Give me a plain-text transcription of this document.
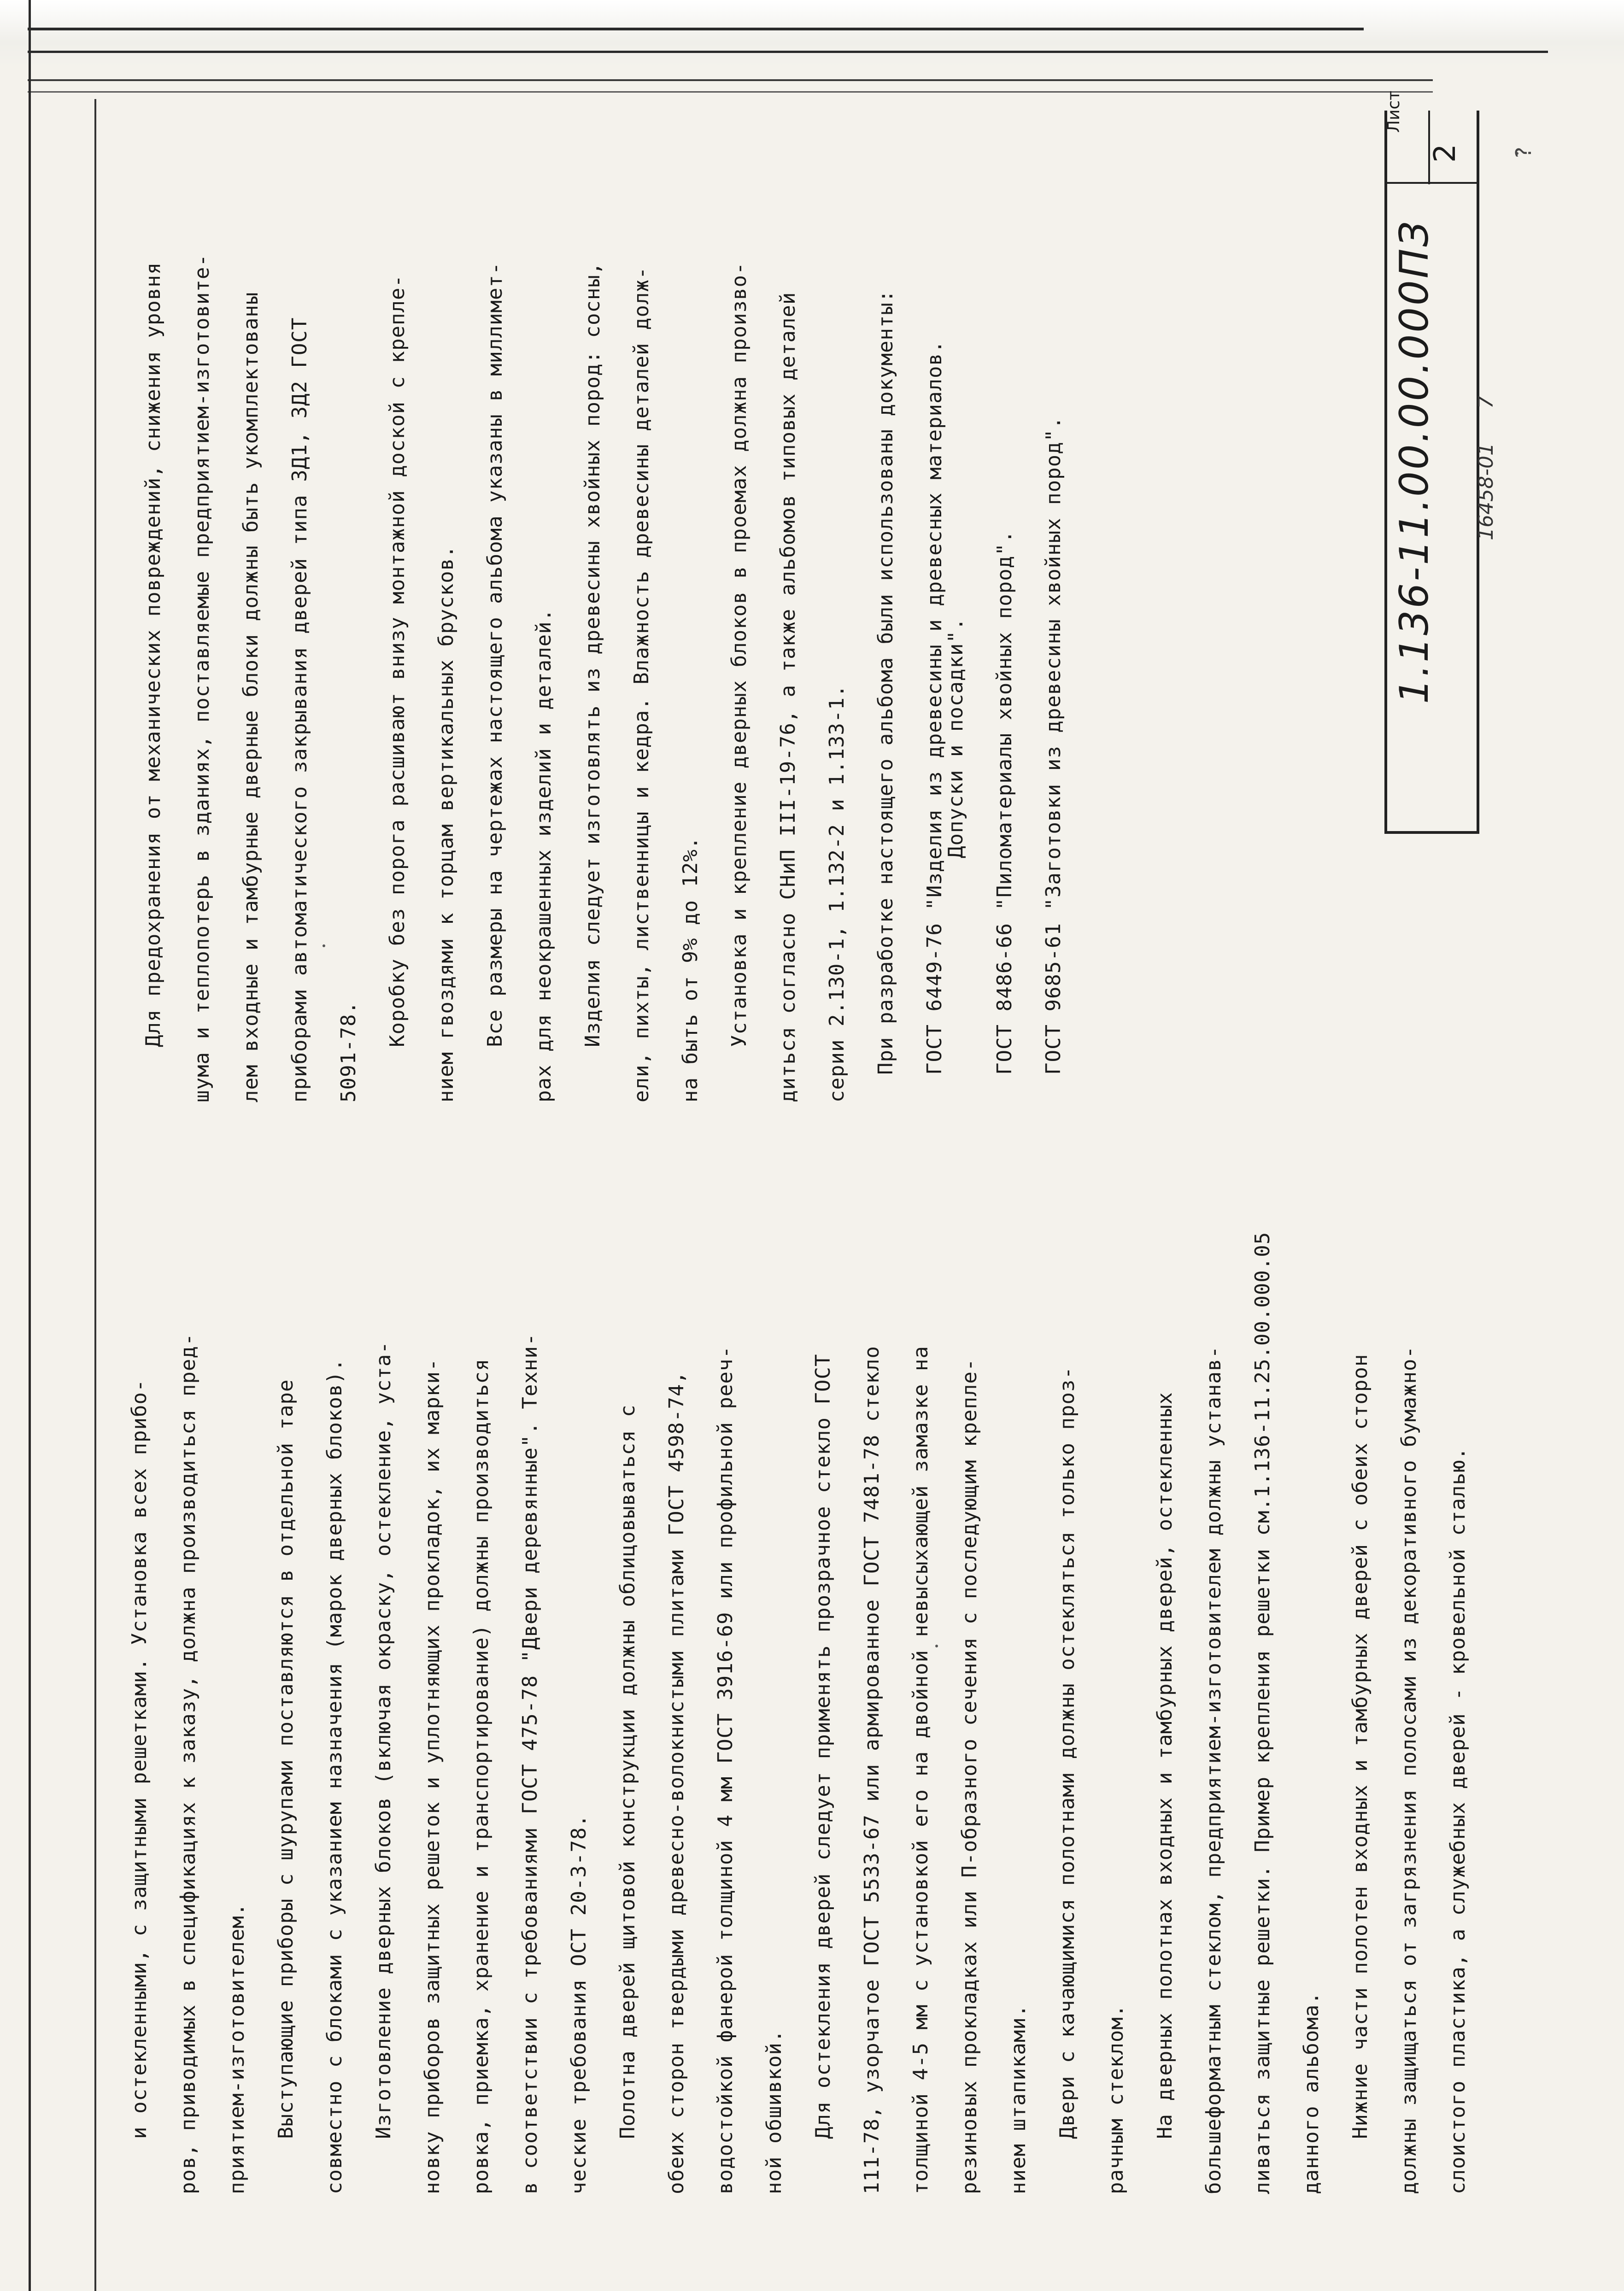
и остекленными, с защитными решетками. Установка всех прибо-	ров, приводимых в спецификациях к заказу, должна производиться пред-	приятием-изготовителем.	Выступающие приборы с шурупами поставляются в отдельной таре	совместно с блоками с указанием назначения (марок дверных блоков).	Изготовление дверных блоков (включая окраску, остекление, уста-	новку приборов защитных решеток и уплотняющих прокладок, их марки-	ровка, приемка, хранение и транспортирование) должны производиться	в соответствии с требованиями ГОСТ 475-78 "Двери деревянные". Техни-	ческие требования ОСТ 20-3-78.	Полотна дверей щитовой конструкции должны облицовываться с	обеих сторон твердыми древесно-волокнистыми плитами ГОСТ 4598-74,	водостойкой фанерой толщиной 4 мм ГОСТ 3916-69 или профильной рееч-	ной обшивкой.	Для остекления дверей следует применять прозрачное стекло ГОСТ	111-78, узорчатое ГОСТ 5533-67 или армированное ГОСТ 7481-78 стекло	толщиной 4-5 мм с установкой его на двойной невысыхающей замазке на	резиновых прокладках или П-образного сечения с последующим крепле-	нием штапиками.	Двери с качающимися полотнами должны остекляться только проз-	рачным стеклом.	На дверных полотнах входных и тамбурных дверей, остекленных	большеформатным стеклом, предприятием-изготовителем должны устанав-	ливаться защитные решетки. Пример крепления решетки см.1.136-11.25.00.000.05	данного альбома.	Нижние части полотен входных и тамбурных дверей с обеих сторон	должны защищаться от загрязнения полосами из декоративного бумажно-	слоистого пластика, а служебных дверей - кровельной сталью.

Для предохранения от механических повреждений, снижения уровня	шума и теплопотерь в зданиях, поставляемые предприятием-изготовите-	лем входные и тамбурные дверные блоки должны быть укомплектованы	приборами автоматического закрывания дверей типа 3Д1, 3Д2 ГОСТ	5091-78.

Коробку без порога расшивают внизу монтажной доской с крепле-	нием гвоздями к торцам вертикальных брусков.	Все размеры на чертежах настоящего альбома указаны в миллимет-	рах для неокрашенных изделий и деталей.	Изделия следует изготовлять из древесины хвойных пород: сосны,	ели, пихты, лиственницы и кедра. Влажность древесины деталей долж-	на быть от 9% до 12%.	Установка и крепление дверных блоков в проемах должна произво-	диться согласно СНиП III-19-76, а также альбомов типовых деталей	серии 2.130-1, 1.132-2 и 1.133-1.	При разработке настоящего альбома были использованы документы:	ГОСТ 6449-76 "Изделия из древесины и древесных материалов.

Допуски и посадки".	ГОСТ 8486-66 "Пиломатериалы хвойных пород".	ГОСТ 9685-61 "Заготовки из древесины хвойных пород".	1.136-11.00.00.000ПЗ 16458-01 7
Лист
2 ?
